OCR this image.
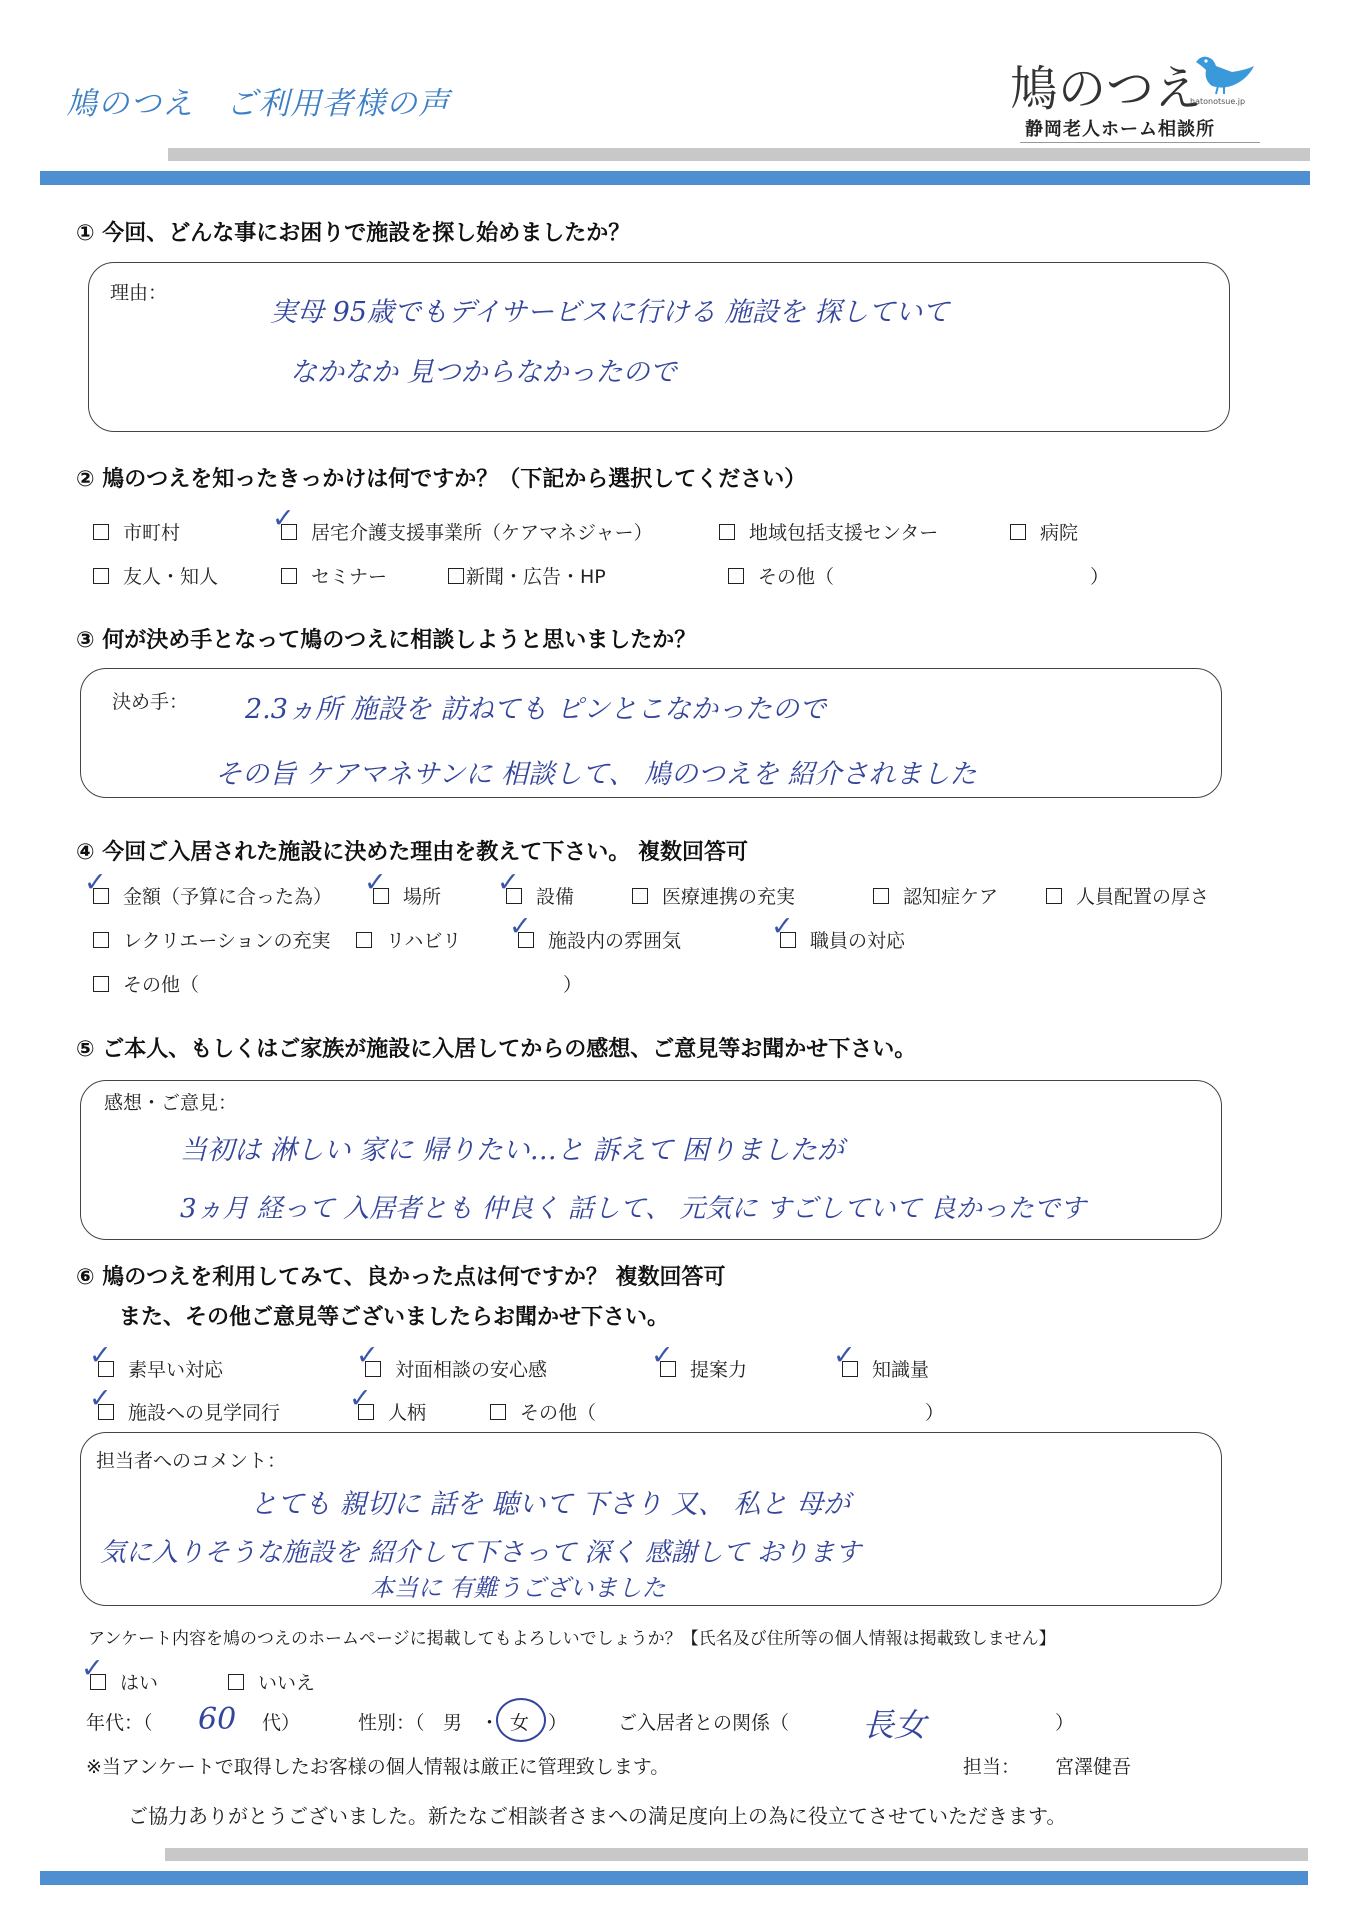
鳩のつえ　ご利用者様の声	鳩のつえ
hatonotsue.jp
静岡老人ホーム相談所
① 今回、どんな事にお困りで施設を探し始めましたか？
理由：
実母 95歳でもデイサービスに行ける 施設を 探していて
なかなか 見つからなかったので
② 鳩のつえを知ったきっかけは何ですか？（下記から選択してください）
市町村 ✓	居宅介護支援事業所（ケアマネジャー）	地域包括支援センター	病院
友人・知人	セミナー	新聞・広告・HP	その他（	）
③ 何が決め手となって鳩のつえに相談しようと思いましたか？
決め手： 2.3ヵ所 施設を 訪ねても ピンとこなかったので
その旨 ケアマネサンに 相談して、 鳩のつえを 紹介されました
④ 今回ご入居された施設に決めた理由を教えて下さい。 複数回答可
✓
金額（予算に合った為） ✓	場所 ✓	設備	医療連携の充実	認知症ケア	人員配置の厚さ
レクリエーションの充実	リハビリ ✓	施設内の雰囲気 ✓	職員の対応
その他（	）
⑤ ご本人、もしくはご家族が施設に入居してからの感想、ご意見等お聞かせ下さい。
感想・ご意見：
当初は 淋しい 家に 帰りたい…と 訴えて 困りましたが
3ヵ月 経って 入居者とも 仲良く 話して、 元気に すごしていて 良かったです
⑥ 鳩のつえを利用してみて、良かった点は何ですか？ 複数回答可
また、その他ご意見等ございましたらお聞かせ下さい。
✓
素早い対応 ✓	対面相談の安心感 ✓	提案力 ✓	知識量
✓
施設への見学同行 ✓	人柄	その他（	）
担当者へのコメント：
とても 親切に 話を 聴いて 下さり 又、 私と 母が
気に入りそうな施設を 紹介して下さって 深く 感謝して おります
本当に 有難うございました
アンケート内容を鳩のつえのホームページに掲載してもよろしいでしょうか？【氏名及び住所等の個人情報は掲載致しません】
✓
はい	いいえ
年代：（ 60 代）	性別：（ 男 ・ 女 ）	ご入居者との関係（ 長女	）
※当アンケートで取得したお客様の個人情報は厳正に管理致します。	担当： 宮澤健吾
ご協力ありがとうございました。新たなご相談者さまへの満足度向上の為に役立てさせていただきます。
